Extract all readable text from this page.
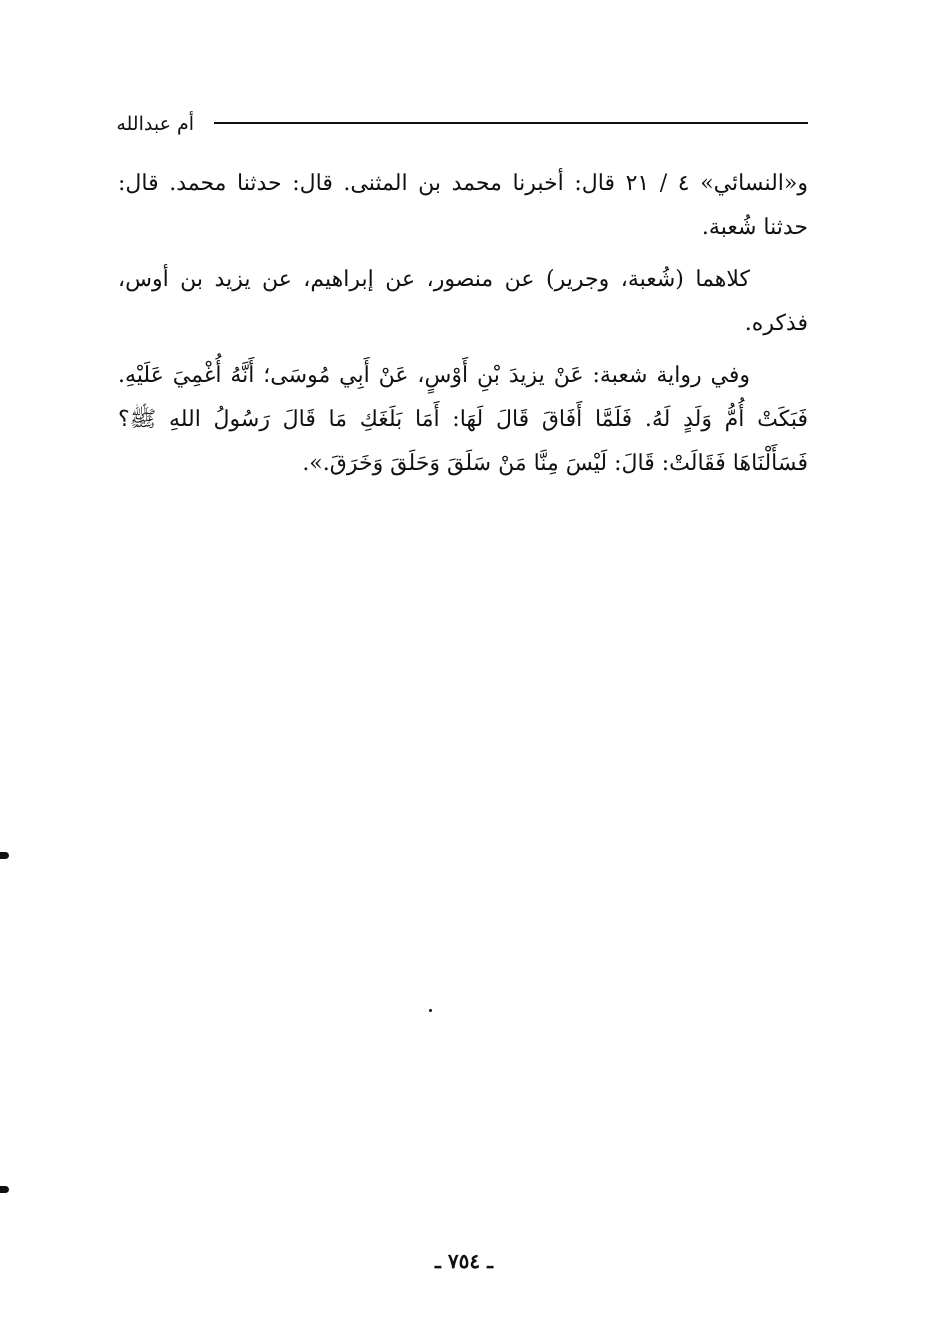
أم عبدالله

و«النسائي» ٤ / ٢١ قال: أخبرنا محمد بن المثنى. قال: حدثنا محمد. قال: حدثنا شُعبة.

كلاهما (شُعبة، وجرير) عن منصور، عن إبراهيم، عن يزيد بن أوس، فذكره.

وفي رواية شعبة: عَنْ يزيدَ بْنِ أَوْسٍ، عَنْ أَبِي مُوسَى؛ أَنَّهُ أُغْمِيَ عَلَيْهِ. فَبَكَتْ أُمُّ وَلَدٍ لَهُ. فَلَمَّا أَفَاقَ قَالَ لَهَا: أَمَا بَلَغَكِ مَا قَالَ رَسُولُ اللهِ ﷺ؟ فَسَأَلْنَاهَا فَقَالَتْ: قَالَ: لَيْسَ مِنَّا مَنْ سَلَقَ وَحَلَقَ وَخَرَقَ.».

ـ ٧٥٤ ـ
